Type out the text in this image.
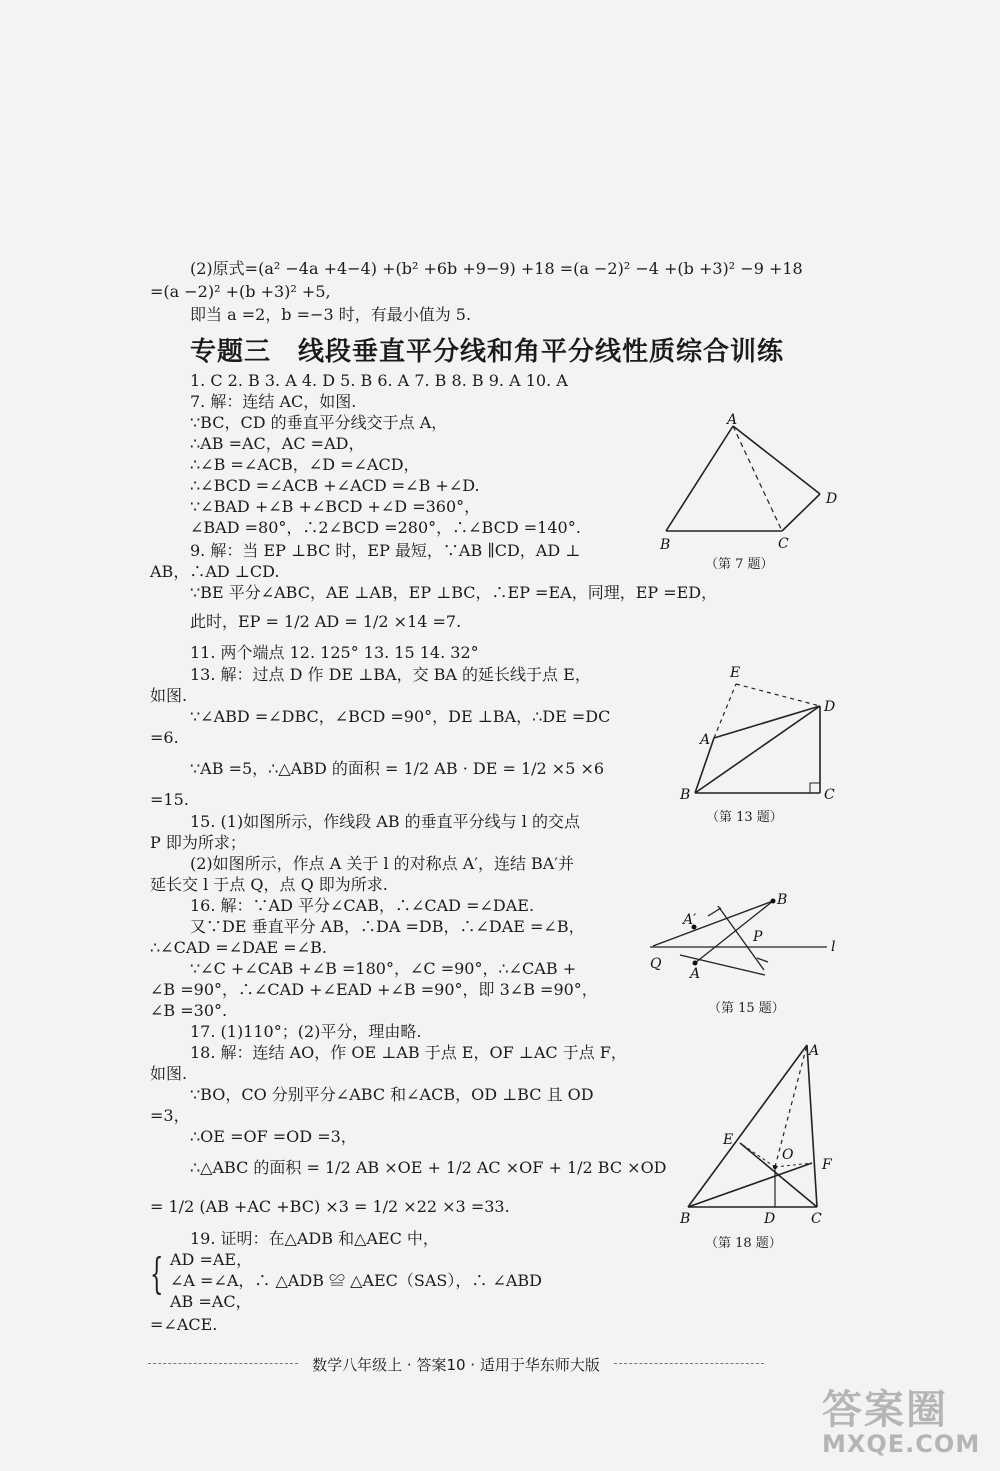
(2)原式=(a² −4a +4−4) +(b² +6b +9−9) +18 =(a −2)² −4 +(b +3)² −9 +18
=(a −2)² +(b +3)² +5,
即当 a =2，b =−3 时，有最小值为 5.
专题三　线段垂直平分线和角平分线性质综合训练
1. C 2. B 3. A 4. D 5. B 6. A 7. B 8. B 9. A 10. A
7. 解：连结 AC，如图.
∵BC，CD 的垂直平分线交于点 A，
∴AB =AC，AC =AD，
∴∠B =∠ACB，∠D =∠ACD，
∴∠BCD =∠ACB +∠ACD =∠B +∠D.
∵∠BAD +∠B +∠BCD +∠D =360°，
∠BAD =80°，∴2∠BCD =280°，∴∠BCD =140°.
9. 解：当 EP ⊥BC 时，EP 最短，∵AB ∥CD，AD ⊥
AB，∴AD ⊥CD.
∵BE 平分∠ABC，AE ⊥AB，EP ⊥BC，∴EP =EA，同理，EP =ED，
此时，EP = 1/2 AD = 1/2 ×14 =7.
11. 两个端点 12. 125° 13. 15 14. 32°
13. 解：过点 D 作 DE ⊥BA，交 BA 的延长线于点 E，
如图.
∵∠ABD =∠DBC，∠BCD =90°，DE ⊥BA，∴DE =DC
=6.
∵AB =5，∴△ABD 的面积 = 1/2 AB · DE = 1/2 ×5 ×6
=15.
15. (1)如图所示，作线段 AB 的垂直平分线与 l 的交点
P 即为所求；
(2)如图所示，作点 A 关于 l 的对称点 A′，连结 BA′并
延长交 l 于点 Q，点 Q 即为所求.
16. 解：∵AD 平分∠CAB，∴∠CAD =∠DAE.
又∵DE 垂直平分 AB，∴DA =DB，∴∠DAE =∠B，
∴∠CAD =∠DAE =∠B.
∵∠C +∠CAB +∠B =180°，∠C =90°，∴∠CAB +
∠B =90°，∴∠CAD +∠EAD +∠B =90°，即 3∠B =90°，
∠B =30°.
17. (1)110°；(2)平分，理由略.
18. 解：连结 AO，作 OE ⊥AB 于点 E，OF ⊥AC 于点 F，
如图.
∵BO，CO 分别平分∠ABC 和∠ACB，OD ⊥BC 且 OD
=3，
∴OE =OF =OD =3，
∴△ABC 的面积 = 1/2 AB ×OE + 1/2 AC ×OF + 1/2 BC ×OD
= 1/2 (AB +AC +BC) ×3 = 1/2 ×22 ×3 =33.
19. 证明：在△ADB 和△AEC 中，
{ AD =AE，
∠A =∠A，∴ △ADB ≌ △AEC（SAS），∴ ∠ABD
AB =AC，
=∠ACE.
A
B	C
D
（第 7 题）
E
D
A
B	C
（第 13 题）
B
A′
P
Q
A
l
（第 15 题）
A
E
O
F
B	D	C
（第 18 题）
数学八年级上 · 答案10 · 适用于华东师大版
答案圈
MXQE.COM
